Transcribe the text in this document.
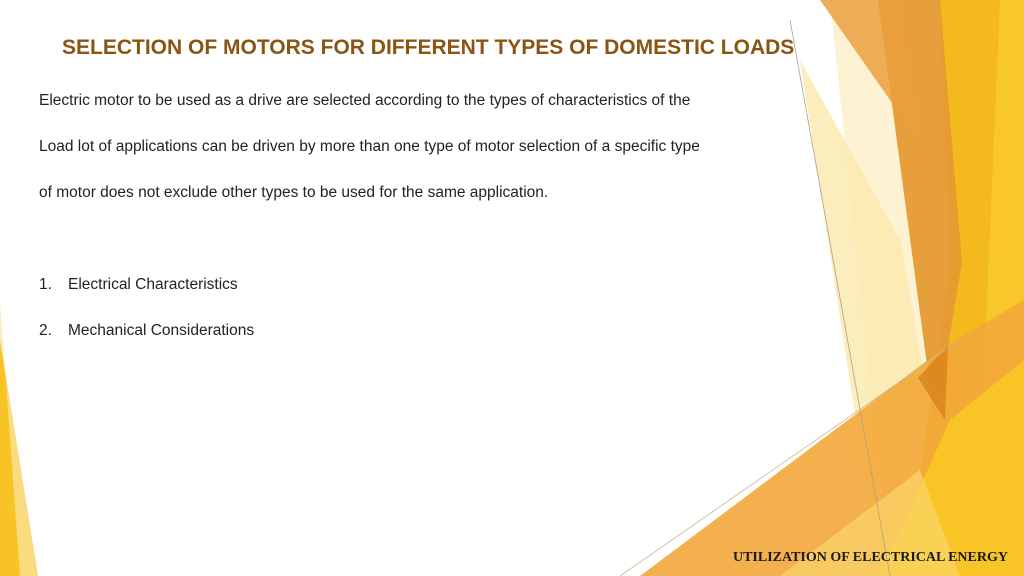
SELECTION OF MOTORS FOR DIFFERENT TYPES OF DOMESTIC LOADS

Electric motor to be used as a drive are selected according to the types of characteristics of the

Load lot of applications can be driven by more than one type of motor selection of a specific type

of motor does not exclude other types to be used for the same application.

1. Electrical Characteristics
2. Mechanical Considerations
UTILIZATION OF ELECTRICAL ENERGY
